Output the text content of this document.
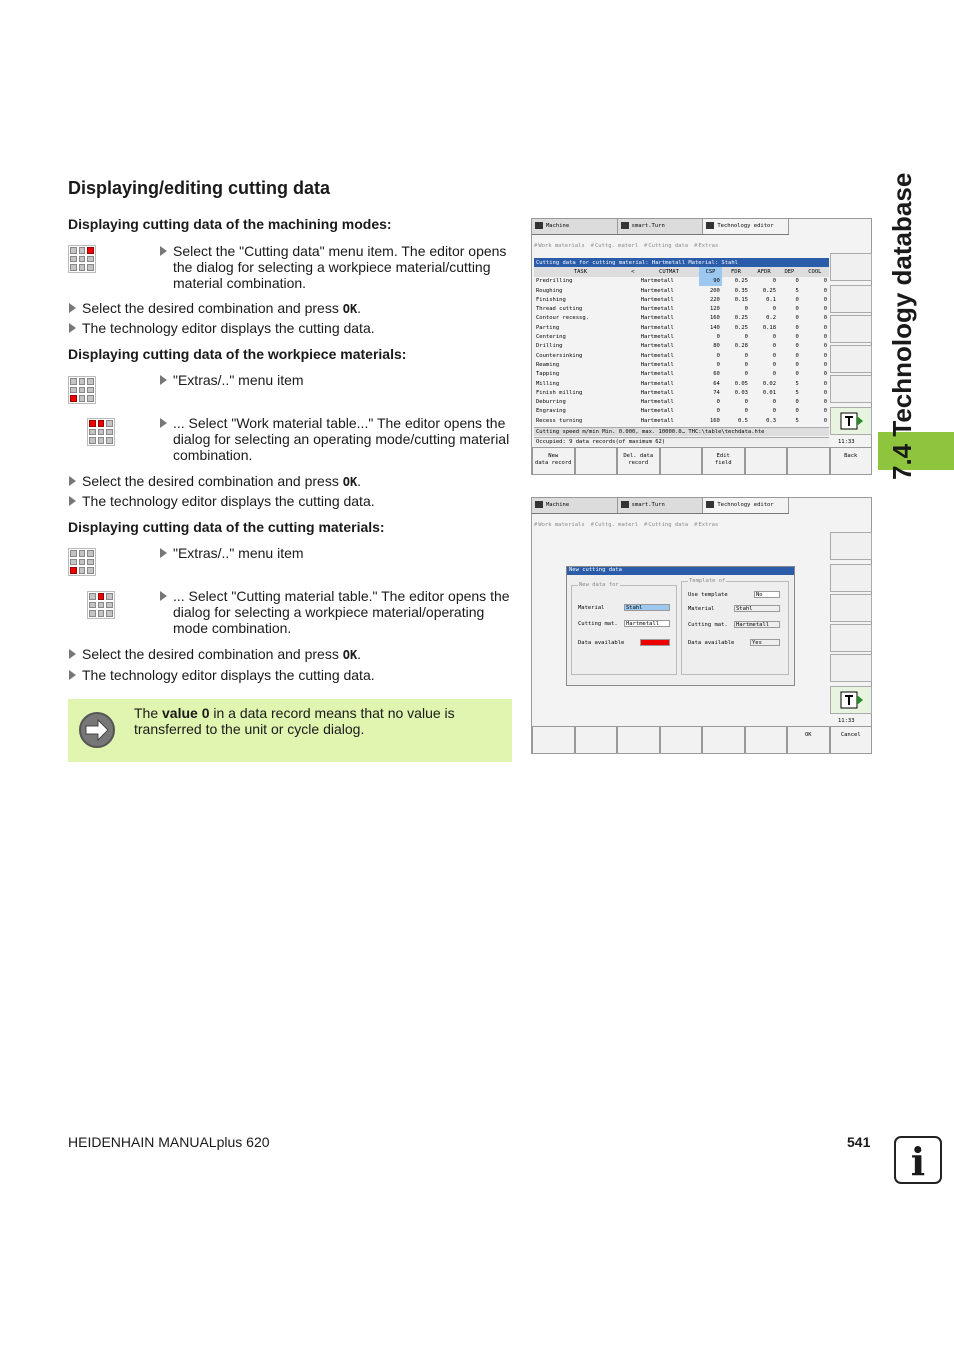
Displaying/editing cutting data
Displaying cutting data of the machining modes:
Select the "Cutting data" menu item. The editor opens the dialog for selecting a workpiece material/cutting material combination.
Select the desired combination and press OK.
The technology editor displays the cutting data.
Displaying cutting data of the workpiece materials:
"Extras/.." menu item
... Select "Work material table..." The editor opens the dialog for selecting an operating mode/cutting material combination.
Select the desired combination and press OK.
The technology editor displays the cutting data.
Displaying cutting data of the cutting materials:
"Extras/.." menu item
... Select "Cutting material table." The editor opens the dialog for selecting a workpiece material/operating mode combination.
Select the desired combination and press OK.
The technology editor displays the cutting data.
The value 0 in a data record means that no value is transferred to the unit or cycle dialog.
Machine	smart.Turn	Technology editor
# Work materials	# Cuttg. materl	# Cutting data	# Extras
Cutting data for cutting material: Hartmetall Material: Stahl							
TASK	<	CUTMAT	CSP	FDR	AFDR	DEP	COOL
Predrilling		Hartmetall	90	0.25	0	0	0
Roughing		Hartmetall	200	0.35	0.25	5	0
Finishing		Hartmetall	220	0.15	0.1	0	0
Thread cutting		Hartmetall	120	0	0	0	0
Contour recessg.		Hartmetall	160	0.25	0.2	0	0
Parting		Hartmetall	140	0.25	0.18	0	0
Centering		Hartmetall	0	0	0	0	0
Drilling		Hartmetall	80	0.28	0	0	0
Countersinking		Hartmetall	0	0	0	0	0
Reaming		Hartmetall	0	0	0	0	0
Tapping		Hartmetall	60	0	0	0	0
Milling		Hartmetall	64	0.05	0.02	5	0
Finish milling		Hartmetall	74	0.03	0.01	5	0
Deburring		Hartmetall	0	0	0	0	0
Engraving		Hartmetall	0	0	0	0	0
Recess turning		Hartmetall	160	0.5	0.3	5	0
Cutting speed m/min Min. 0.000, max. 10000.0… THC:\table\techdata.hte
Occupied: 9 data records(of maximum 62)	11:33
New
data record
Del. data
record
Edit
field
Back
Machine	smart.Turn	Technology editor
# Work materials	# Cuttg. materl	# Cutting data	# Extras
New cutting data
New data for
Material	Stahl
Cutting mat.	Hartmetall
Data available	Yes
Template of
Use template	No
Material	Stahl
Cutting mat.	Hartmetall
Data available	Yes
11:33
OK	Cancel
7.4 Technology database
HEIDENHAIN MANUALplus 620	541	i
